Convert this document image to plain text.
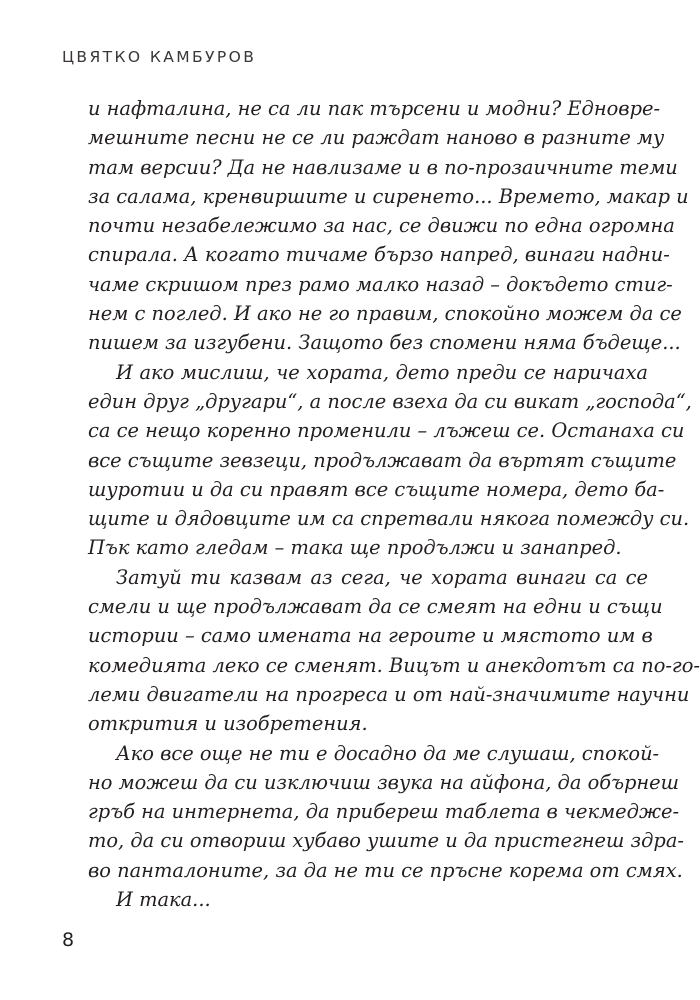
ЦВЯТКО КАМБУРОВ
и нафталина, не са ли пак търсени и модни? Едновре-
мешните песни не се ли раждат наново в разните му
там версии? Да не навлизаме и в по-прозаичните теми
за салама, кренвиршите и сиренето... Времето, макар и
почти незабележимо за нас, се движи по една огромна
спирала. А когато тичаме бързо напред, винаги надни-
чаме скришом през рамо малко назад – докъдето стиг-
нем с поглед. И ако не го правим, спокойно можем да се
пишем за изгубени. Защото без спомени няма бъдеще...
И ако мислиш, че хората, дето преди се наричаха
един друг „другари“, а после взеха да си викат „господа“,
са се нещо коренно променили – лъжеш се. Останаха си
все същите зевзеци, продължават да въртят същите
шуротии и да си правят все същите номера, дето ба-
щите и дядовците им са спретвали някога помежду си.
Пък като гледам – така ще продължи и занапред.
Затуй ти казвам аз сега, че хората винаги са се
смели и ще продължават да се смеят на едни и същи
истории – само имената на героите и мястото им в
комедията леко се сменят. Вицът и анекдотът са по-го-
леми двигатели на прогреса и от най-значимите научни
открития и изобретения.
Ако все още не ти е досадно да ме слушаш, спокой-
но можеш да си изключиш звука на айфона, да обърнеш
гръб на интернета, да прибереш таблета в чекмедже-
то, да си отвориш хубаво ушите и да пристегнеш здра-
во панталоните, за да не ти се пръсне корема от смях.
И така...
8
